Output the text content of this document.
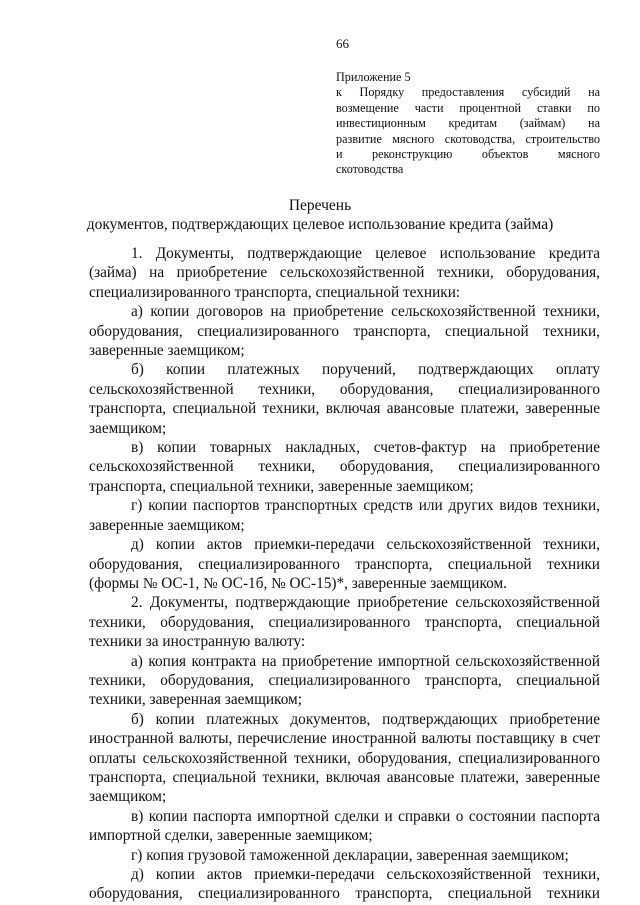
66
Приложение 5
к Порядку предоставления субсидий на
возмещение части процентной ставки по
инвестиционным кредитам (займам) на
развитие мясного скотоводства, строительство
и реконструкцию объектов мясного
скотоводства
Перечень
документов, подтверждающих целевое использование кредита (займа)
1. Документы, подтверждающие целевое использование кредита
(займа) на приобретение сельскохозяйственной техники, оборудования,
специализированного транспорта, специальной техники:
а) копии договоров на приобретение сельскохозяйственной техники,
оборудования, специализированного транспорта, специальной техники,
заверенные заемщиком;
б) копии платежных поручений, подтверждающих оплату
сельскохозяйственной техники, оборудования, специализированного
транспорта, специальной техники, включая авансовые платежи, заверенные
заемщиком;
в) копии товарных накладных, счетов-фактур на приобретение
сельскохозяйственной техники, оборудования, специализированного
транспорта, специальной техники, заверенные заемщиком;
г) копии паспортов транспортных средств или других видов техники,
заверенные заемщиком;
д) копии актов приемки-передачи сельскохозяйственной техники,
оборудования, специализированного транспорта, специальной техники
(формы № ОС-1, № ОС-1б, № ОС-15)*, заверенные заемщиком.
2. Документы, подтверждающие приобретение сельскохозяйственной
техники, оборудования, специализированного транспорта, специальной
техники за иностранную валюту:
а) копия контракта на приобретение импортной сельскохозяйственной
техники, оборудования, специализированного транспорта, специальной
техники, заверенная заемщиком;
б) копии платежных документов, подтверждающих приобретение
иностранной валюты, перечисление иностранной валюты поставщику в счет
оплаты сельскохозяйственной техники, оборудования, специализированного
транспорта, специальной техники, включая авансовые платежи, заверенные
заемщиком;
в) копии паспорта импортной сделки и справки о состоянии паспорта
импортной сделки, заверенные заемщиком;
г) копия грузовой таможенной декларации, заверенная заемщиком;
д) копии актов приемки-передачи сельскохозяйственной техники,
оборудования, специализированного транспорта, специальной техники
